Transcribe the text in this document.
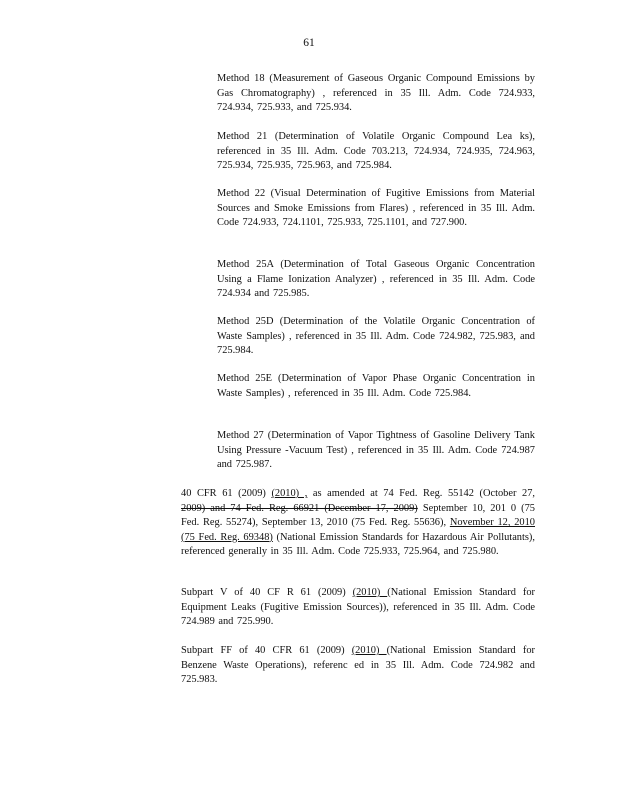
61
Method 18 (Measurement of Gaseous Organic Compound Emissions by Gas Chromatography) , referenced in 35 Ill. Adm. Code 724.933, 724.934, 725.933, and 725.934.
Method 21 (Determination of Volatile Organic Compound Lea ks), referenced in 35 Ill. Adm. Code 703.213, 724.934, 724.935, 724.963, 725.934, 725.935, 725.963, and 725.984.
Method 22 (Visual Determination of Fugitive Emissions from Material Sources and Smoke Emissions from Flares) , referenced in 35 Ill. Adm. Code 724.933, 724.1101, 725.933, 725.1101, and 727.900.
Method 25A (Determination of Total Gaseous Organic Concentration Using a Flame Ionization Analyzer) , referenced in 35 Ill. Adm. Code 724.934 and 725.985.
Method 25D (Determination of the Volatile Organic Concentration of Waste Samples) , referenced in 35 Ill. Adm. Code 724.982, 725.983, and 725.984.
Method 25E (Determination of Vapor Phase Organic Concentration in Waste Samples) , referenced in 35 Ill. Adm. Code 725.984.
Method 27 (Determination of Vapor Tightness of Gasoline Delivery Tank Using Pressure -Vacuum Test) , referenced in 35 Ill. Adm. Code 724.987 and 725.987.
40 CFR 61 (2009) (2010) , as amended at 74 Fed. Reg. 55142 (October 27, 2009) and 74 Fed. Reg. 66921 (December 17, 2009) September 10, 201 0 (75 Fed. Reg. 55274), September 13, 2010 (75 Fed. Reg. 55636), November 12, 2010 (75 Fed. Reg. 69348) (National Emission Standards for Hazardous Air Pollutants), referenced generally in 35 Ill. Adm. Code 725.933, 725.964, and 725.980.
Subpart V of 40 CF R 61 (2009) (2010) (National Emission Standard for Equipment Leaks (Fugitive Emission Sources)), referenced in 35 Ill. Adm. Code 724.989 and 725.990.
Subpart FF of 40 CFR 61 (2009) (2010) (National Emission Standard for Benzene Waste Operations), referenc ed in 35 Ill. Adm. Code 724.982 and 725.983.
